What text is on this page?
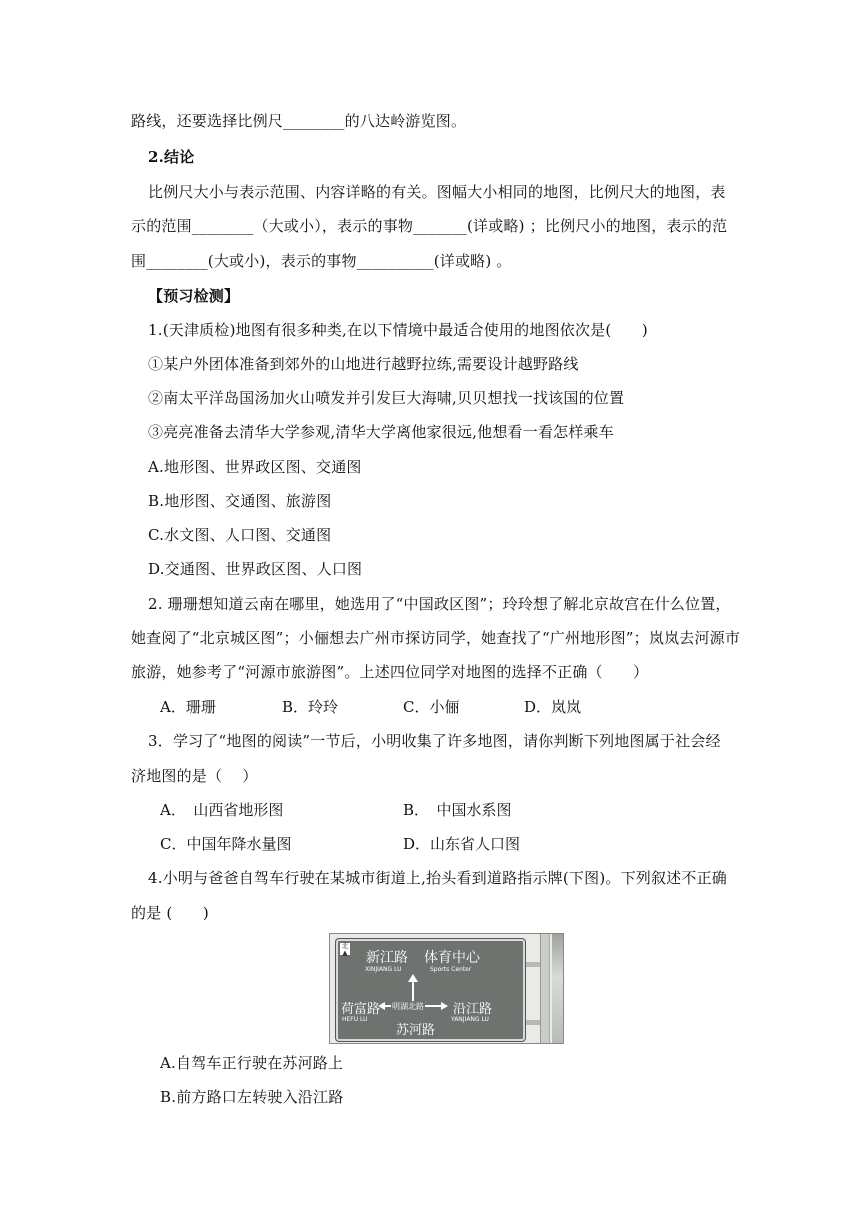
路线，还要选择比例尺________的八达岭游览图。
2.结论
比例尺大小与表示范围、内容详略的有关。图幅大小相同的地图，比例尺大的地图，表
示的范围________（大或小），表示的事物_______(详或略) ；比例尺小的地图，表示的范
围________(大或小)，表示的事物__________(详或略) 。
【预习检测】
1.(天津质检)地图有很多种类,在以下情境中最适合使用的地图依次是(　　)
①某户外团体准备到郊外的山地进行越野拉练,需要设计越野路线
②南太平洋岛国汤加火山喷发并引发巨大海啸,贝贝想找一找该国的位置
③亮亮准备去清华大学参观,清华大学离他家很远,他想看一看怎样乘车
A.地形图、世界政区图、交通图
B.地形图、交通图、旅游图
C.水文图、人口图、交通图
D.交通图、世界政区图、人口图
2. 珊珊想知道云南在哪里，她选用了“中国政区图”；玲玲想了解北京故宫在什么位置，
她查阅了“北京城区图”；小俪想去广州市探访同学，她查找了“广州地形图”；岚岚去河源市
旅游，她参考了“河源市旅游图”。上述四位同学对地图的选择不正确（　　）
A．珊珊	B．玲玲	C．小俪	D．岚岚
3．学习了“地图的阅读”一节后，小明收集了许多地图，请你判断下列地图属于社会经
济地图的是（　 ）
A．　山西省地形图	B．　中国水系图
C．中国年降水量图	D．山东省人口图
4.小明与爸爸自驾车行驶在某城市街道上,抬头看到道路指示牌(下图)。下列叙述不正确
的是 (　　)
北
▲ 新江路
XINJIANG LU
体育中心
Sports Center
荷富路
HEFU LU
明湖北路 沿江路
YANJIANG LU
苏河路
A.自驾车正行驶在苏河路上
B.前方路口左转驶入沿江路
